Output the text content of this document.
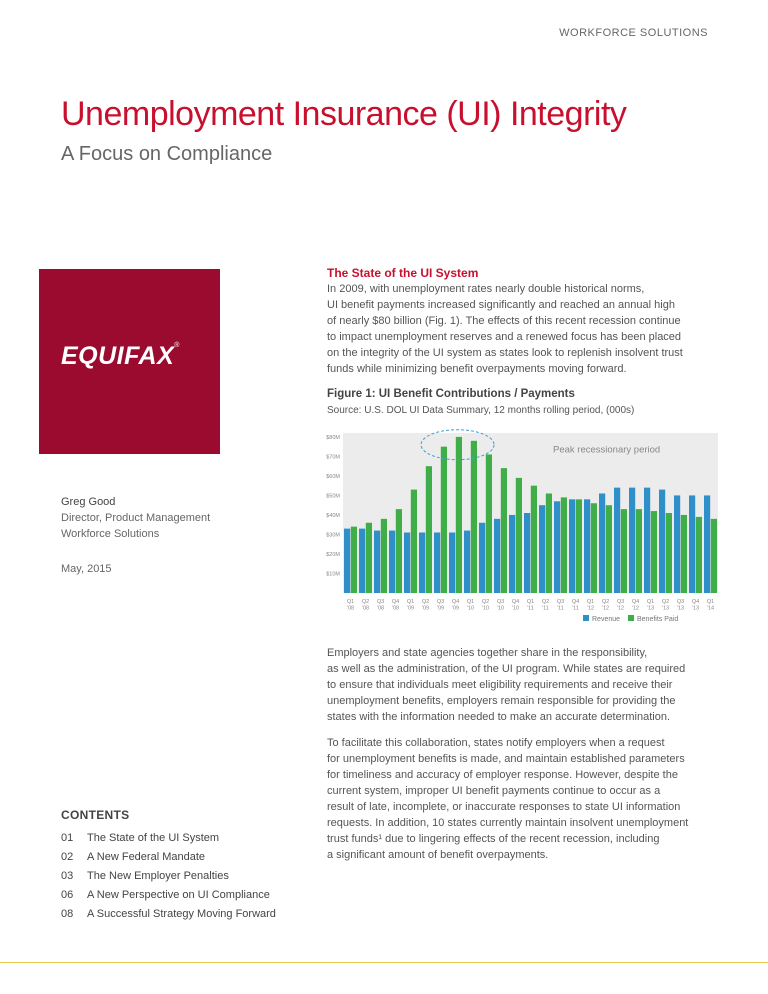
WORKFORCE SOLUTIONS
Unemployment Insurance (UI) Integrity
A Focus on Compliance
EQUIFAX®
Greg Good
Director, Product Management
Workforce Solutions
May, 2015
The State of the UI System
In 2009, with unemployment rates nearly double historical norms,
UI benefit payments increased significantly and reached an annual high
of nearly $80 billion (Fig. 1). The effects of this recent recession continue
to impact unemployment reserves and a renewed focus has been placed
on the integrity of the UI system as states look to replenish insolvent trust
funds while minimizing benefit overpayments moving forward.
Figure 1: UI Benefit Contributions / Payments
Source: U.S. DOL UI Data Summary, 12 months rolling period, (000s)
$10M
$20M
$30M
$40M
$50M
$60M
$70M
$80M
Q1
'08
Q2
'08
Q3
'08
Q4
'08
Q1
'09
Q2
'09
Q3
'09
Q4
'09
Q1
'10
Q2
'10
Q3
'10
Q4
'10
Q1
'11
Q2
'11
Q3
'11
Q4
'11
Q1
'12
Q2
'12
Q3
'12
Q4
'12
Q1
'13
Q2
'13
Q3
'13
Q4
'13
Q1
'14
Peak recessionary period
Revenue Benefits Paid
Employers and state agencies together share in the responsibility,
as well as the administration, of the UI program. While states are required
to ensure that individuals meet eligibility requirements and receive their
unemployment benefits, employers remain responsible for providing the
states with the information needed to make an accurate determination.
To facilitate this collaboration, states notify employers when a request
for unemployment benefits is made, and maintain established parameters
for timeliness and accuracy of employer response. However, despite the
current system, improper UI benefit payments continue to occur as a
result of late, incomplete, or inaccurate responses to state UI information
requests. In addition, 10 states currently maintain insolvent unemployment
trust funds¹ due to lingering effects of the recent recession, including
a significant amount of benefit overpayments.
CONTENTS
01 The State of the UI System
02 A New Federal Mandate
03 The New Employer Penalties
06 A New Perspective on UI Compliance
08 A Successful Strategy Moving Forward
